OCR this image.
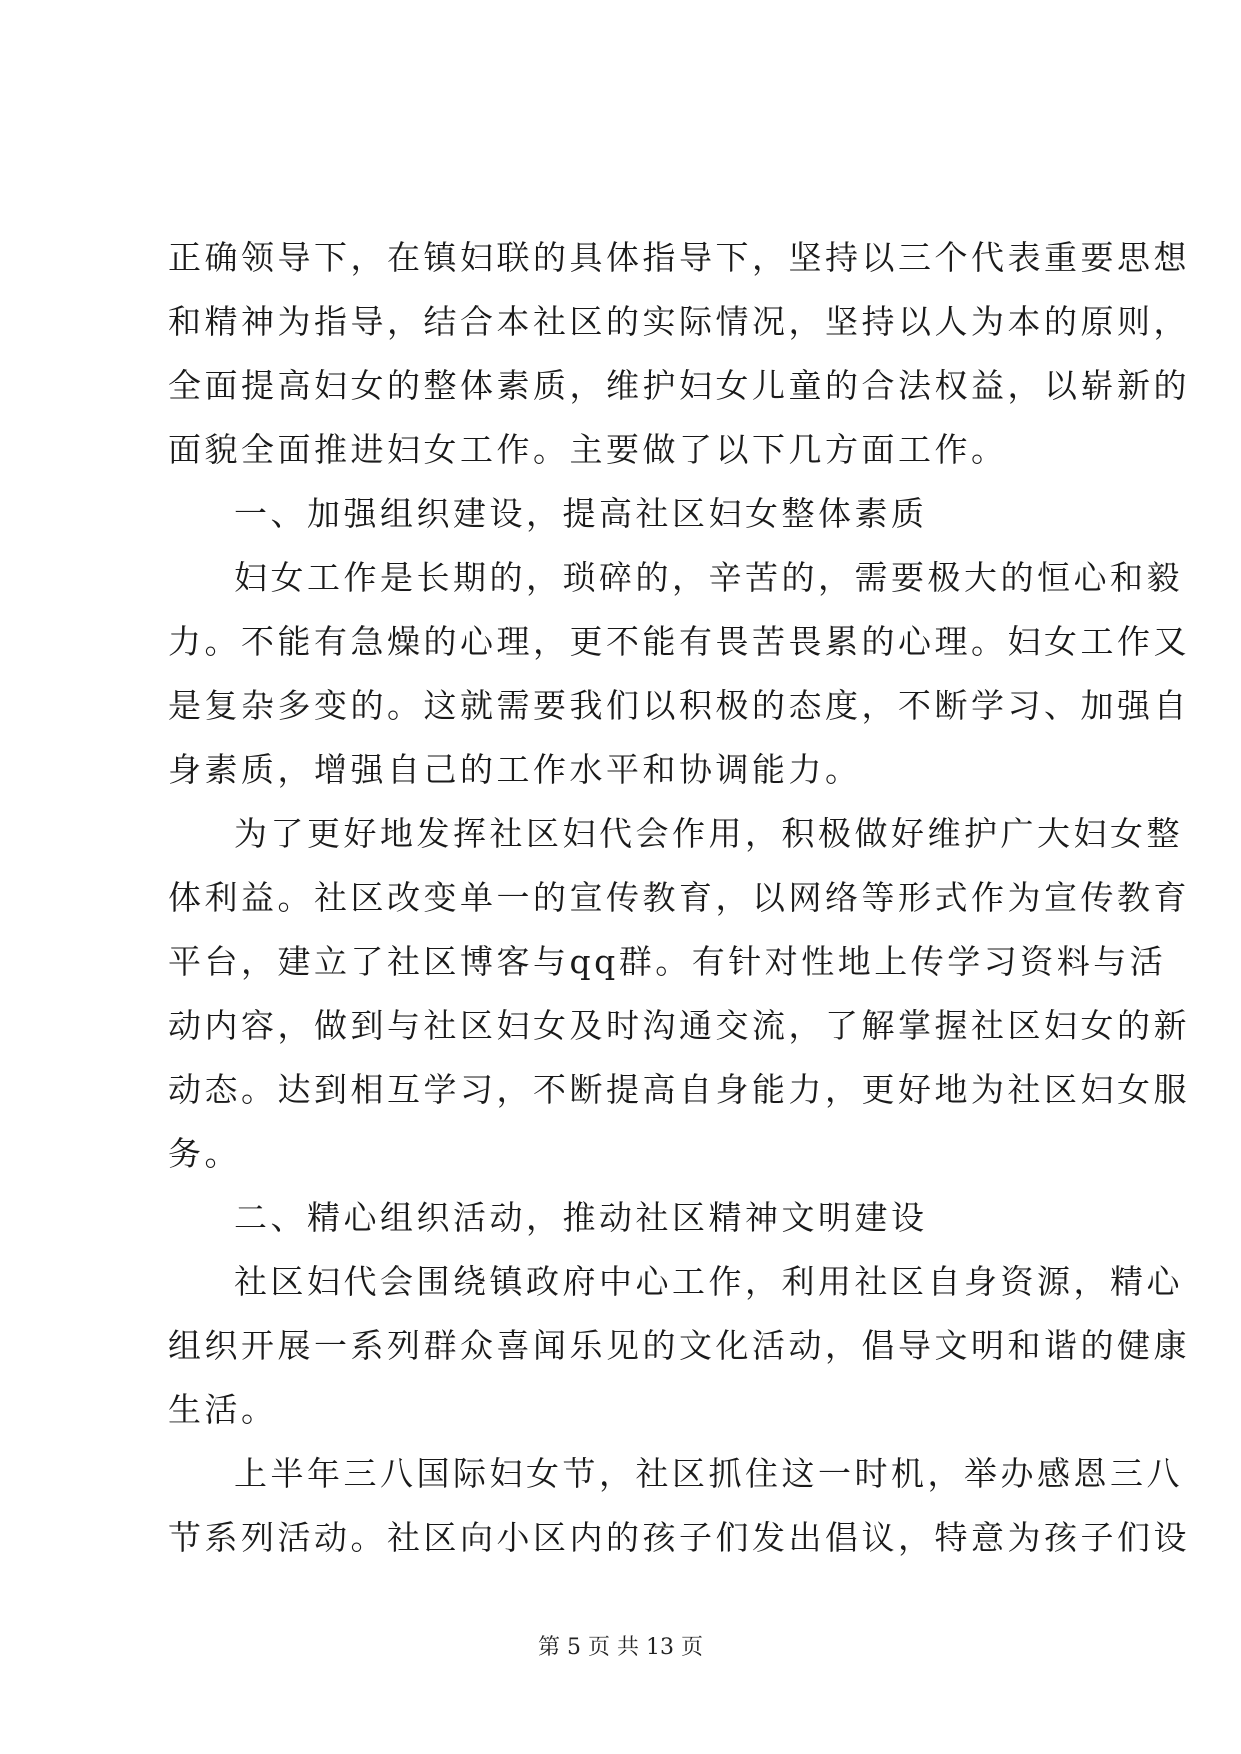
正确领导下，在镇妇联的具体指导下，坚持以三个代表重要思想
和精神为指导，结合本社区的实际情况，坚持以人为本的原则，
全面提高妇女的整体素质，维护妇女儿童的合法权益，以崭新的
面貌全面推进妇女工作。主要做了以下几方面工作。
一、加强组织建设，提高社区妇女整体素质
妇女工作是长期的，琐碎的，辛苦的，需要极大的恒心和毅
力。不能有急燥的心理，更不能有畏苦畏累的心理。妇女工作又
是复杂多变的。这就需要我们以积极的态度，不断学习、加强自
身素质，增强自己的工作水平和协调能力。
为了更好地发挥社区妇代会作用，积极做好维护广大妇女整
体利益。社区改变单一的宣传教育，以网络等形式作为宣传教育
平台，建立了社区博客与qq群。有针对性地上传学习资料与活
动内容，做到与社区妇女及时沟通交流，了解掌握社区妇女的新
动态。达到相互学习，不断提高自身能力，更好地为社区妇女服
务。
二、精心组织活动，推动社区精神文明建设
社区妇代会围绕镇政府中心工作，利用社区自身资源，精心
组织开展一系列群众喜闻乐见的文化活动，倡导文明和谐的健康
生活。
上半年三八国际妇女节，社区抓住这一时机，举办感恩三八
节系列活动。社区向小区内的孩子们发出倡议，特意为孩子们设
第 5 页 共 13 页
